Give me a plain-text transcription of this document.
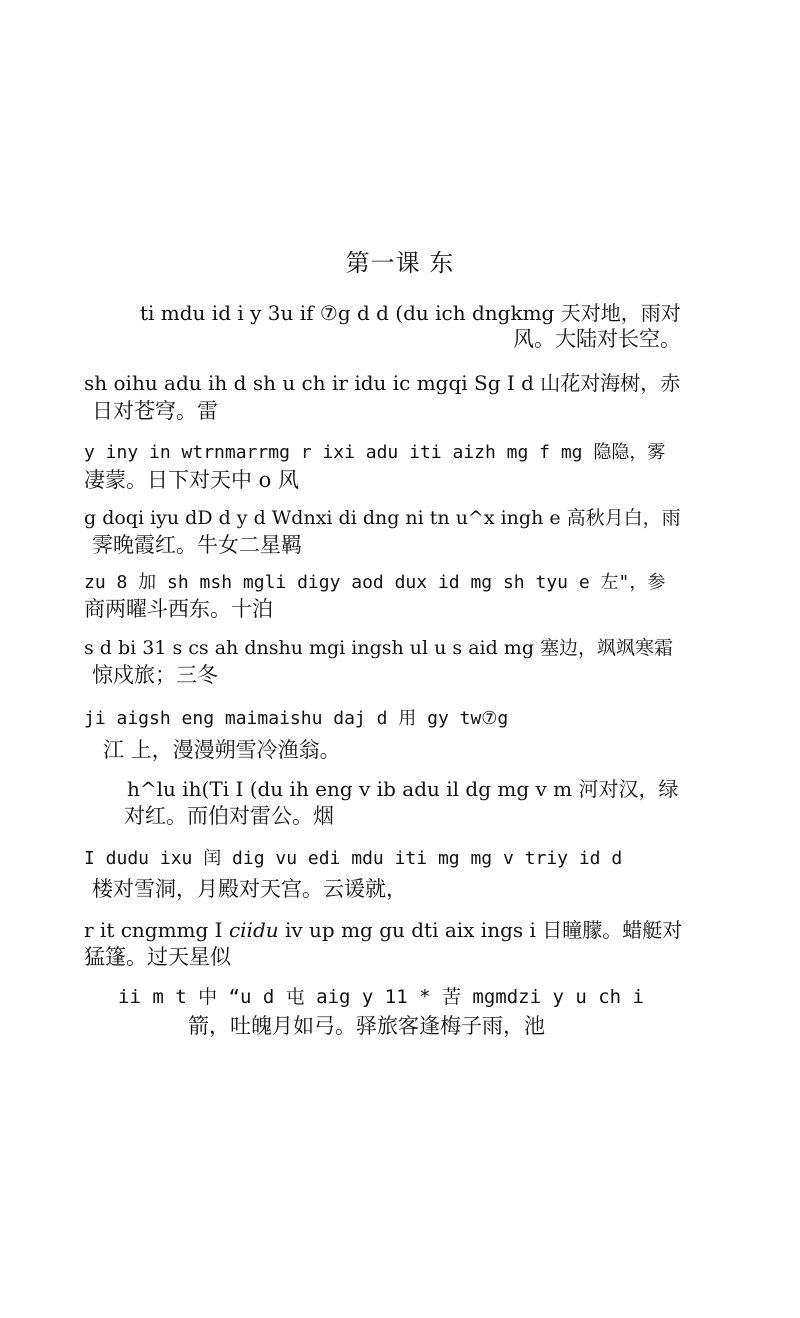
第一课 东
ti mdu id i y 3u if ⑦g d d (du ich dngkmg 天对地，雨对
风。大陆对长空。
sh oihu adu ih d sh u ch ir idu ic mgqi Sg I d 山花对海树，赤
日对苍穹。雷
y iny in wtrnmarrmg r ixi adu iti aizh mg f mg 隐隐，雾
凄蒙。日下对天中 o 风
g doqi iyu dD d y d Wdnxi di dng ni tn u^x ingh e 高秋月白，雨
霁晚霞红。牛女二星羁
zu 8 加 sh msh mgli digy aod dux id mg sh tyu e 左"，参
商两曜斗西东。十泊
s d bi 31 s cs ah dnshu mgi ingsh ul u s aid mg 塞边，飒飒寒霜
惊戍旅；三冬
ji aigsh eng maimaishu daj d 用 gy tw⑦g
江 上，漫漫朔雪冷渔翁。
h^lu ih(Ti I (du ih eng v ib adu il dg mg v m 河对汉，绿
对红。而伯对雷公。烟
I dudu ixu 闰 dig vu edi mdu iti mg mg v triy id d
楼对雪洞，月殿对天宫。云谖就，
r it cngmmg I ciidu iv up mg gu dti aix ings i 日瞳朦。蜡艇对
猛篷。过天星似
ii m t 中 “u d 屯 aig y 11 * 苦 mgmdzi y u ch i
箭，吐魄月如弓。驿旅客逢梅子雨，池
